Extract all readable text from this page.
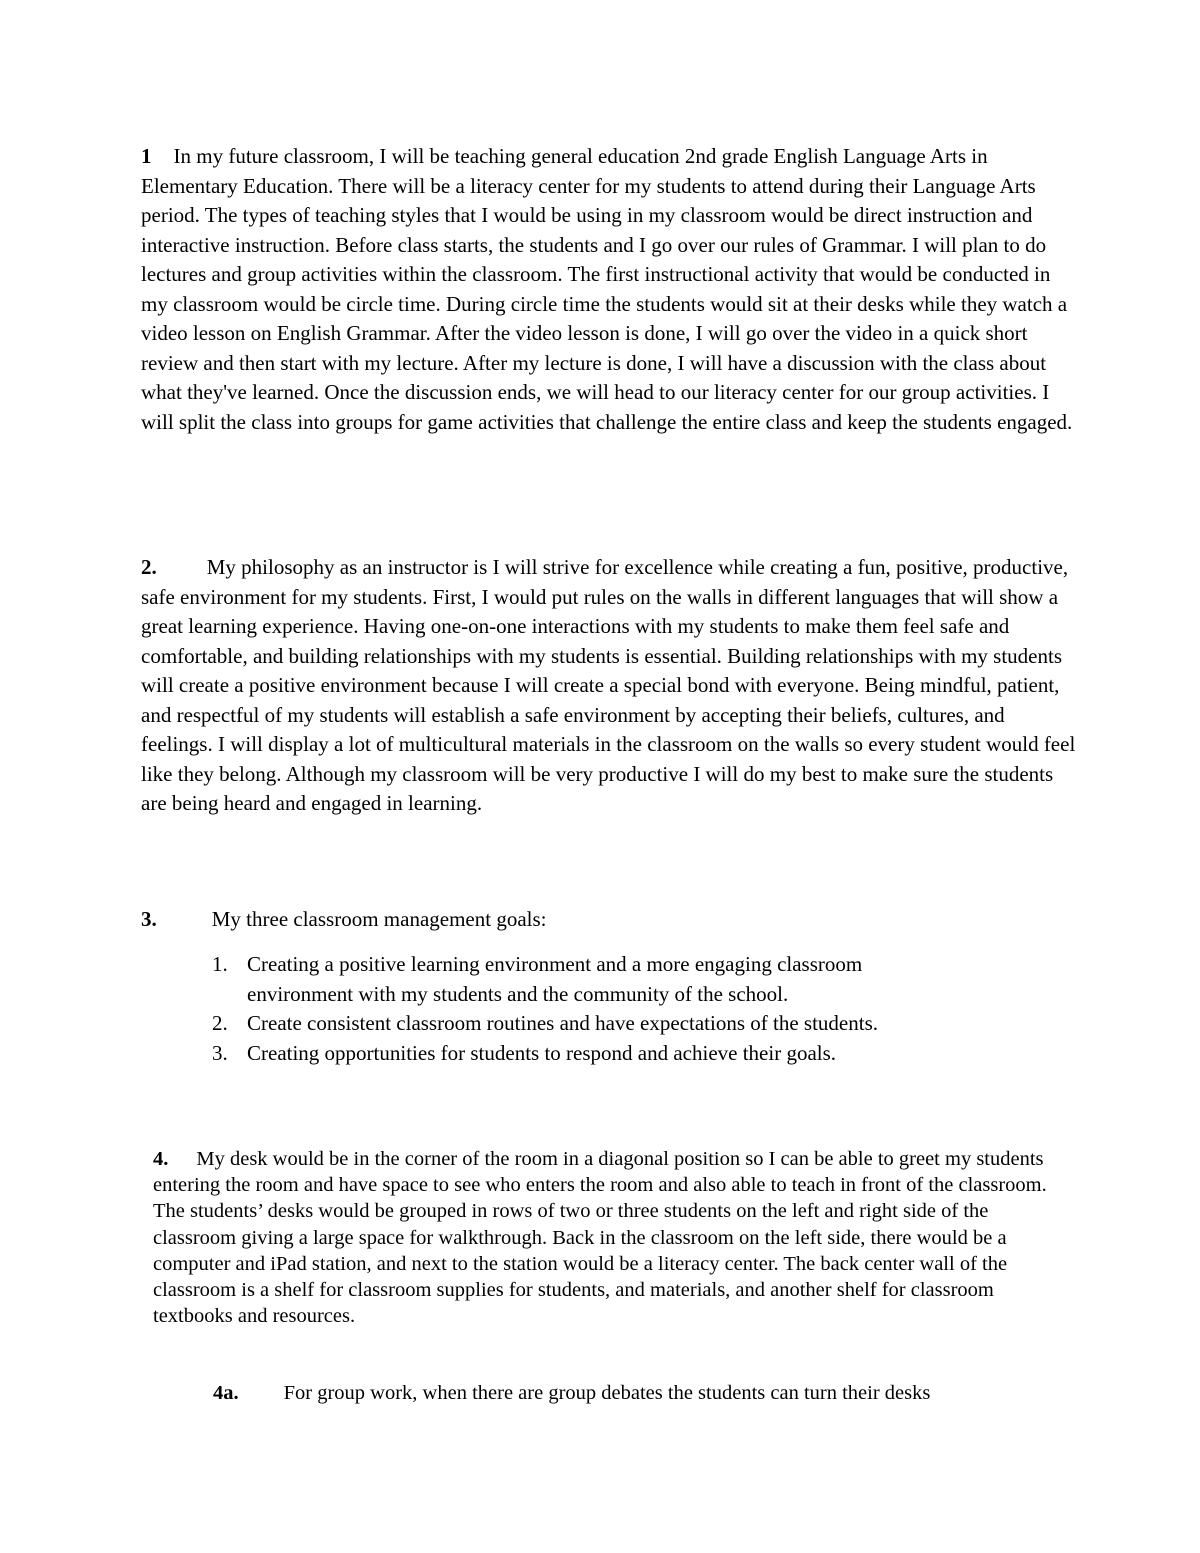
1 In my future classroom, I will be teaching general education 2nd grade English Language Arts in Elementary Education. There will be a literacy center for my students to attend during their Language Arts period. The types of teaching styles that I would be using in my classroom would be direct instruction and interactive instruction. Before class starts, the students and I go over our rules of Grammar. I will plan to do lectures and group activities within the classroom. The first instructional activity that would be conducted in my classroom would be circle time. During circle time the students would sit at their desks while they watch a video lesson on English Grammar. After the video lesson is done, I will go over the video in a quick short review and then start with my lecture. After my lecture is done, I will have a discussion with the class about what they've learned. Once the discussion ends, we will head to our literacy center for our group activities. I will split the class into groups for game activities that challenge the entire class and keep the students engaged.

2. My philosophy as an instructor is I will strive for excellence while creating a fun, positive, productive, safe environment for my students. First, I would put rules on the walls in different languages that will show a great learning experience. Having one-on-one interactions with my students to make them feel safe and comfortable, and building relationships with my students is essential. Building relationships with my students will create a positive environment because I will create a special bond with everyone. Being mindful, patient, and respectful of my students will establish a safe environment by accepting their beliefs, cultures, and feelings. I will display a lot of multicultural materials in the classroom on the walls so every student would feel like they belong. Although my classroom will be very productive I will do my best to make sure the students are being heard and engaged in learning.

3.	My three classroom management goals:

1. Creating a positive learning environment and a more engaging classroom environment with my students and the community of the school.
2. Create consistent classroom routines and have expectations of the students.
3. Creating opportunities for students to respond and achieve their goals.

4. My desk would be in the corner of the room in a diagonal position so I can be able to greet my students entering the room and have space to see who enters the room and also able to teach in front of the classroom. The students’ desks would be grouped in rows of two or three students on the left and right side of the classroom giving a large space for walkthrough. Back in the classroom on the left side, there would be a computer and iPad station, and next to the station would be a literacy center. The back center wall of the classroom is a shelf for classroom supplies for students, and materials, and another shelf for classroom textbooks and resources.

4a. For group work, when there are group debates the students can turn their desks
